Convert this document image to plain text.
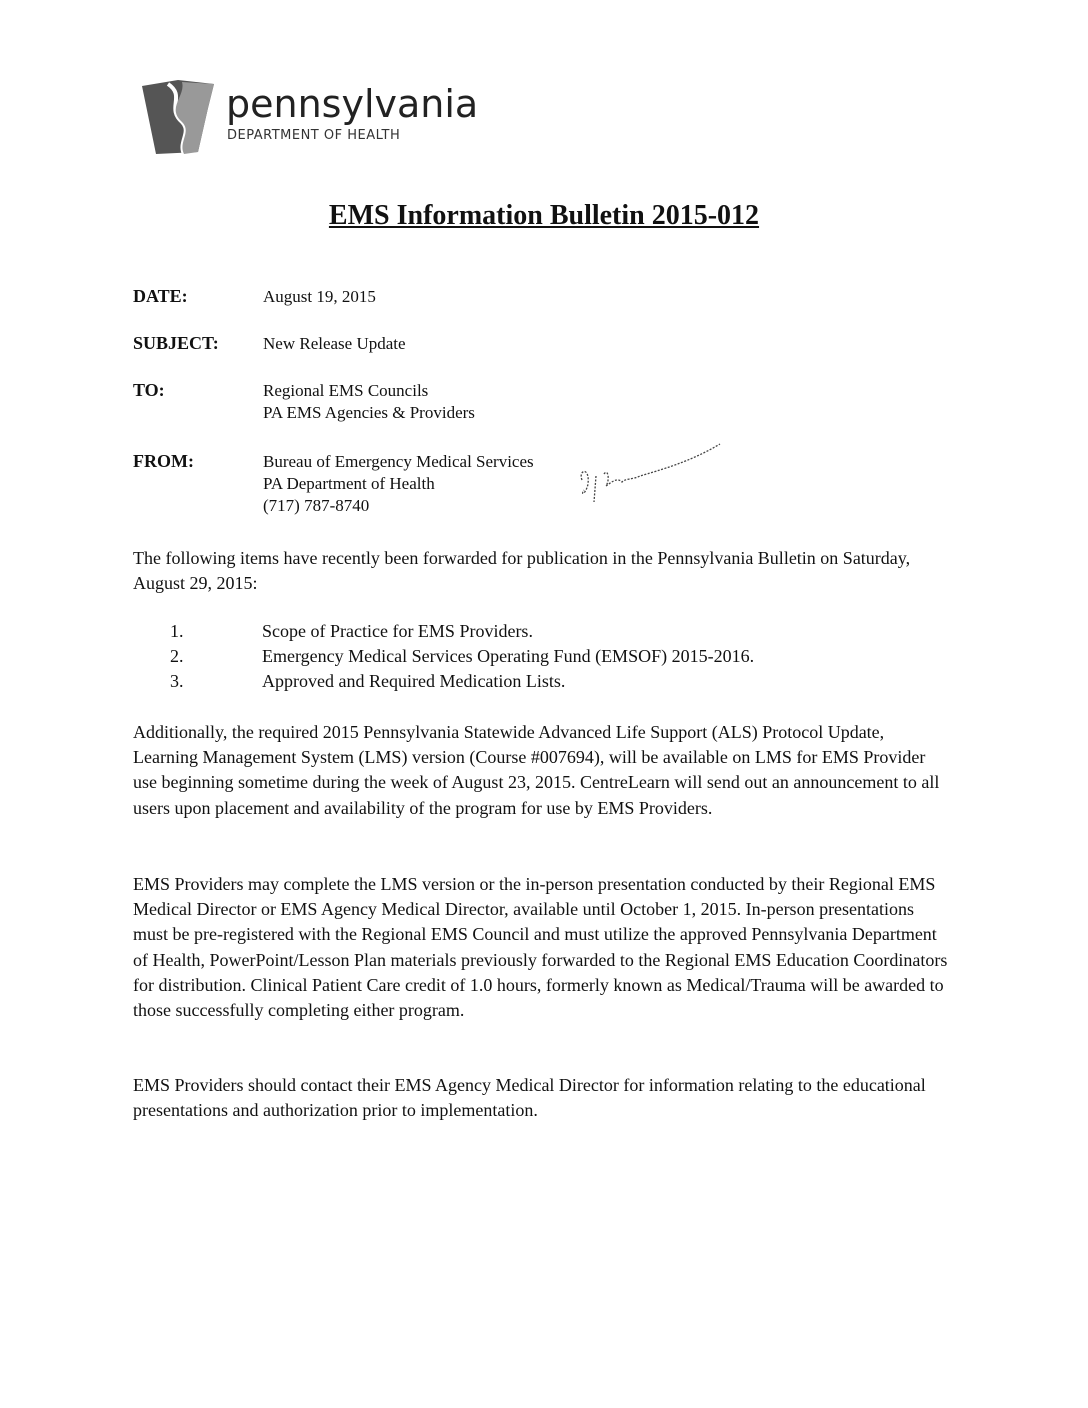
pennsylvania
DEPARTMENT OF HEALTH
EMS Information Bulletin 2015-012
DATE:	August 19, 2015
SUBJECT:	New Release Update
TO:	Regional EMS Councils
PA EMS Agencies & Providers
FROM:	Bureau of Emergency Medical Services
PA Department of Health
(717) 787-8740
The following items have recently been forwarded for publication in the Pennsylvania Bulletin on Saturday, August 29, 2015:
1.	Scope of Practice for EMS Providers.
2.	Emergency Medical Services Operating Fund (EMSOF) 2015-2016.
3.	Approved and Required Medication Lists.
Additionally, the required 2015 Pennsylvania Statewide Advanced Life Support (ALS) Protocol Update, Learning Management System (LMS) version (Course #007694), will be available on LMS for EMS Provider use beginning sometime during the week of August 23, 2015. CentreLearn will send out an announcement to all users upon placement and availability of the program for use by EMS Providers.
EMS Providers may complete the LMS version or the in-person presentation conducted by their Regional EMS Medical Director or EMS Agency Medical Director, available until October 1, 2015. In-person presentations must be pre-registered with the Regional EMS Council and must utilize the approved Pennsylvania Department of Health, PowerPoint/Lesson Plan materials previously forwarded to the Regional EMS Education Coordinators for distribution. Clinical Patient Care credit of 1.0 hours, formerly known as Medical/Trauma will be awarded to those successfully completing either program.
EMS Providers should contact their EMS Agency Medical Director for information relating to the educational presentations and authorization prior to implementation.
